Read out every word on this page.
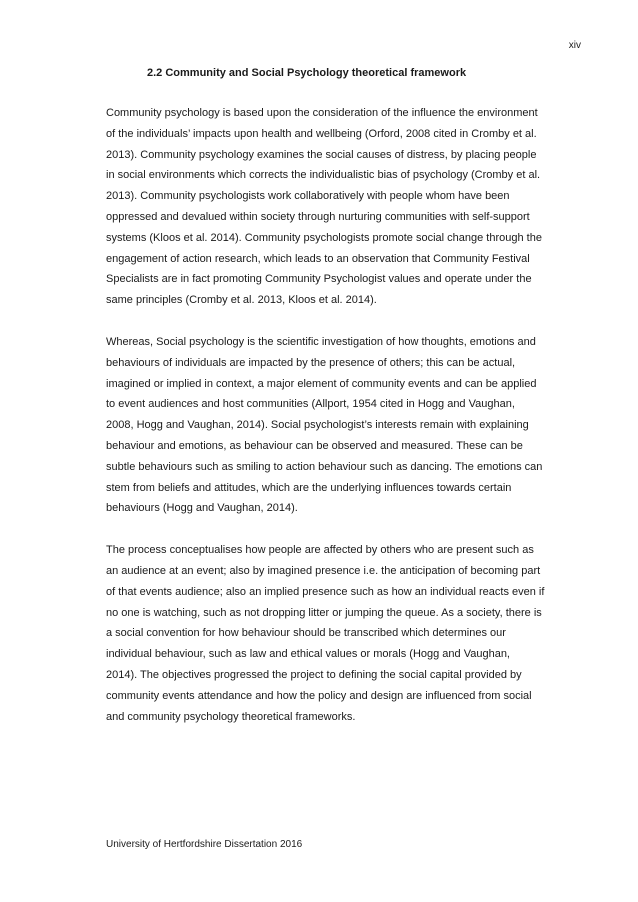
xiv
2.2 Community and Social Psychology theoretical framework
Community psychology is based upon the consideration of the influence the environment
of the individuals’ impacts upon health and wellbeing (Orford, 2008 cited in Cromby et al.
2013). Community psychology examines the social causes of distress, by placing people
in social environments which corrects the individualistic bias of psychology (Cromby et al.
2013). Community psychologists work collaboratively with people whom have been
oppressed and devalued within society through nurturing communities with self-support
systems (Kloos et al. 2014). Community psychologists promote social change through the
engagement of action research, which leads to an observation that Community Festival
Specialists are in fact promoting Community Psychologist values and operate under the
same principles (Cromby et al. 2013, Kloos et al. 2014).
Whereas, Social psychology is the scientific investigation of how thoughts, emotions and
behaviours of individuals are impacted by the presence of others; this can be actual,
imagined or implied in context, a major element of community events and can be applied
to event audiences and host communities (Allport, 1954 cited in Hogg and Vaughan,
2008, Hogg and Vaughan, 2014). Social psychologist’s interests remain with explaining
behaviour and emotions, as behaviour can be observed and measured. These can be
subtle behaviours such as smiling to action behaviour such as dancing. The emotions can
stem from beliefs and attitudes, which are the underlying influences towards certain
behaviours (Hogg and Vaughan, 2014).
The process conceptualises how people are affected by others who are present such as
an audience at an event; also by imagined presence i.e. the anticipation of becoming part
of that events audience; also an implied presence such as how an individual reacts even if
no one is watching, such as not dropping litter or jumping the queue. As a society, there is
a social convention for how behaviour should be transcribed which determines our
individual behaviour, such as law and ethical values or morals (Hogg and Vaughan,
2014). The objectives progressed the project to defining the social capital provided by
community events attendance and how the policy and design are influenced from social
and community psychology theoretical frameworks.
University of Hertfordshire Dissertation 2016
